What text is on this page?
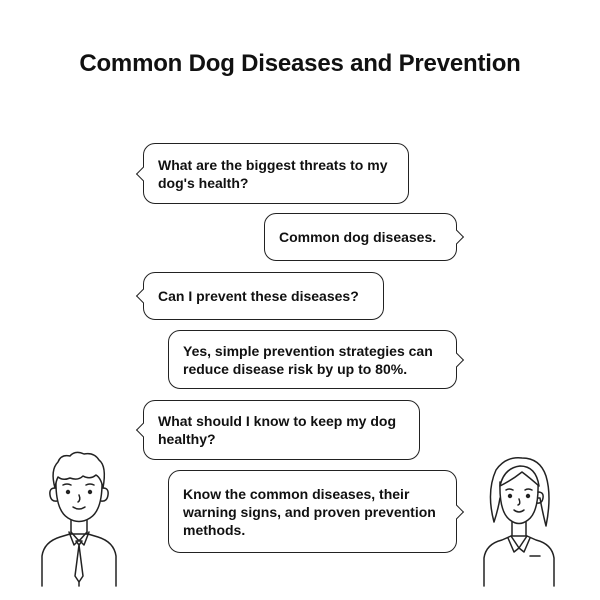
Common Dog Diseases and Prevention
What are the biggest threats to my dog's health?
Common dog diseases.
Can I prevent these diseases?
Yes, simple prevention strategies can reduce disease risk by up to 80%.
What should I know to keep my dog healthy?
Know the common diseases, their warning signs, and proven prevention methods.
